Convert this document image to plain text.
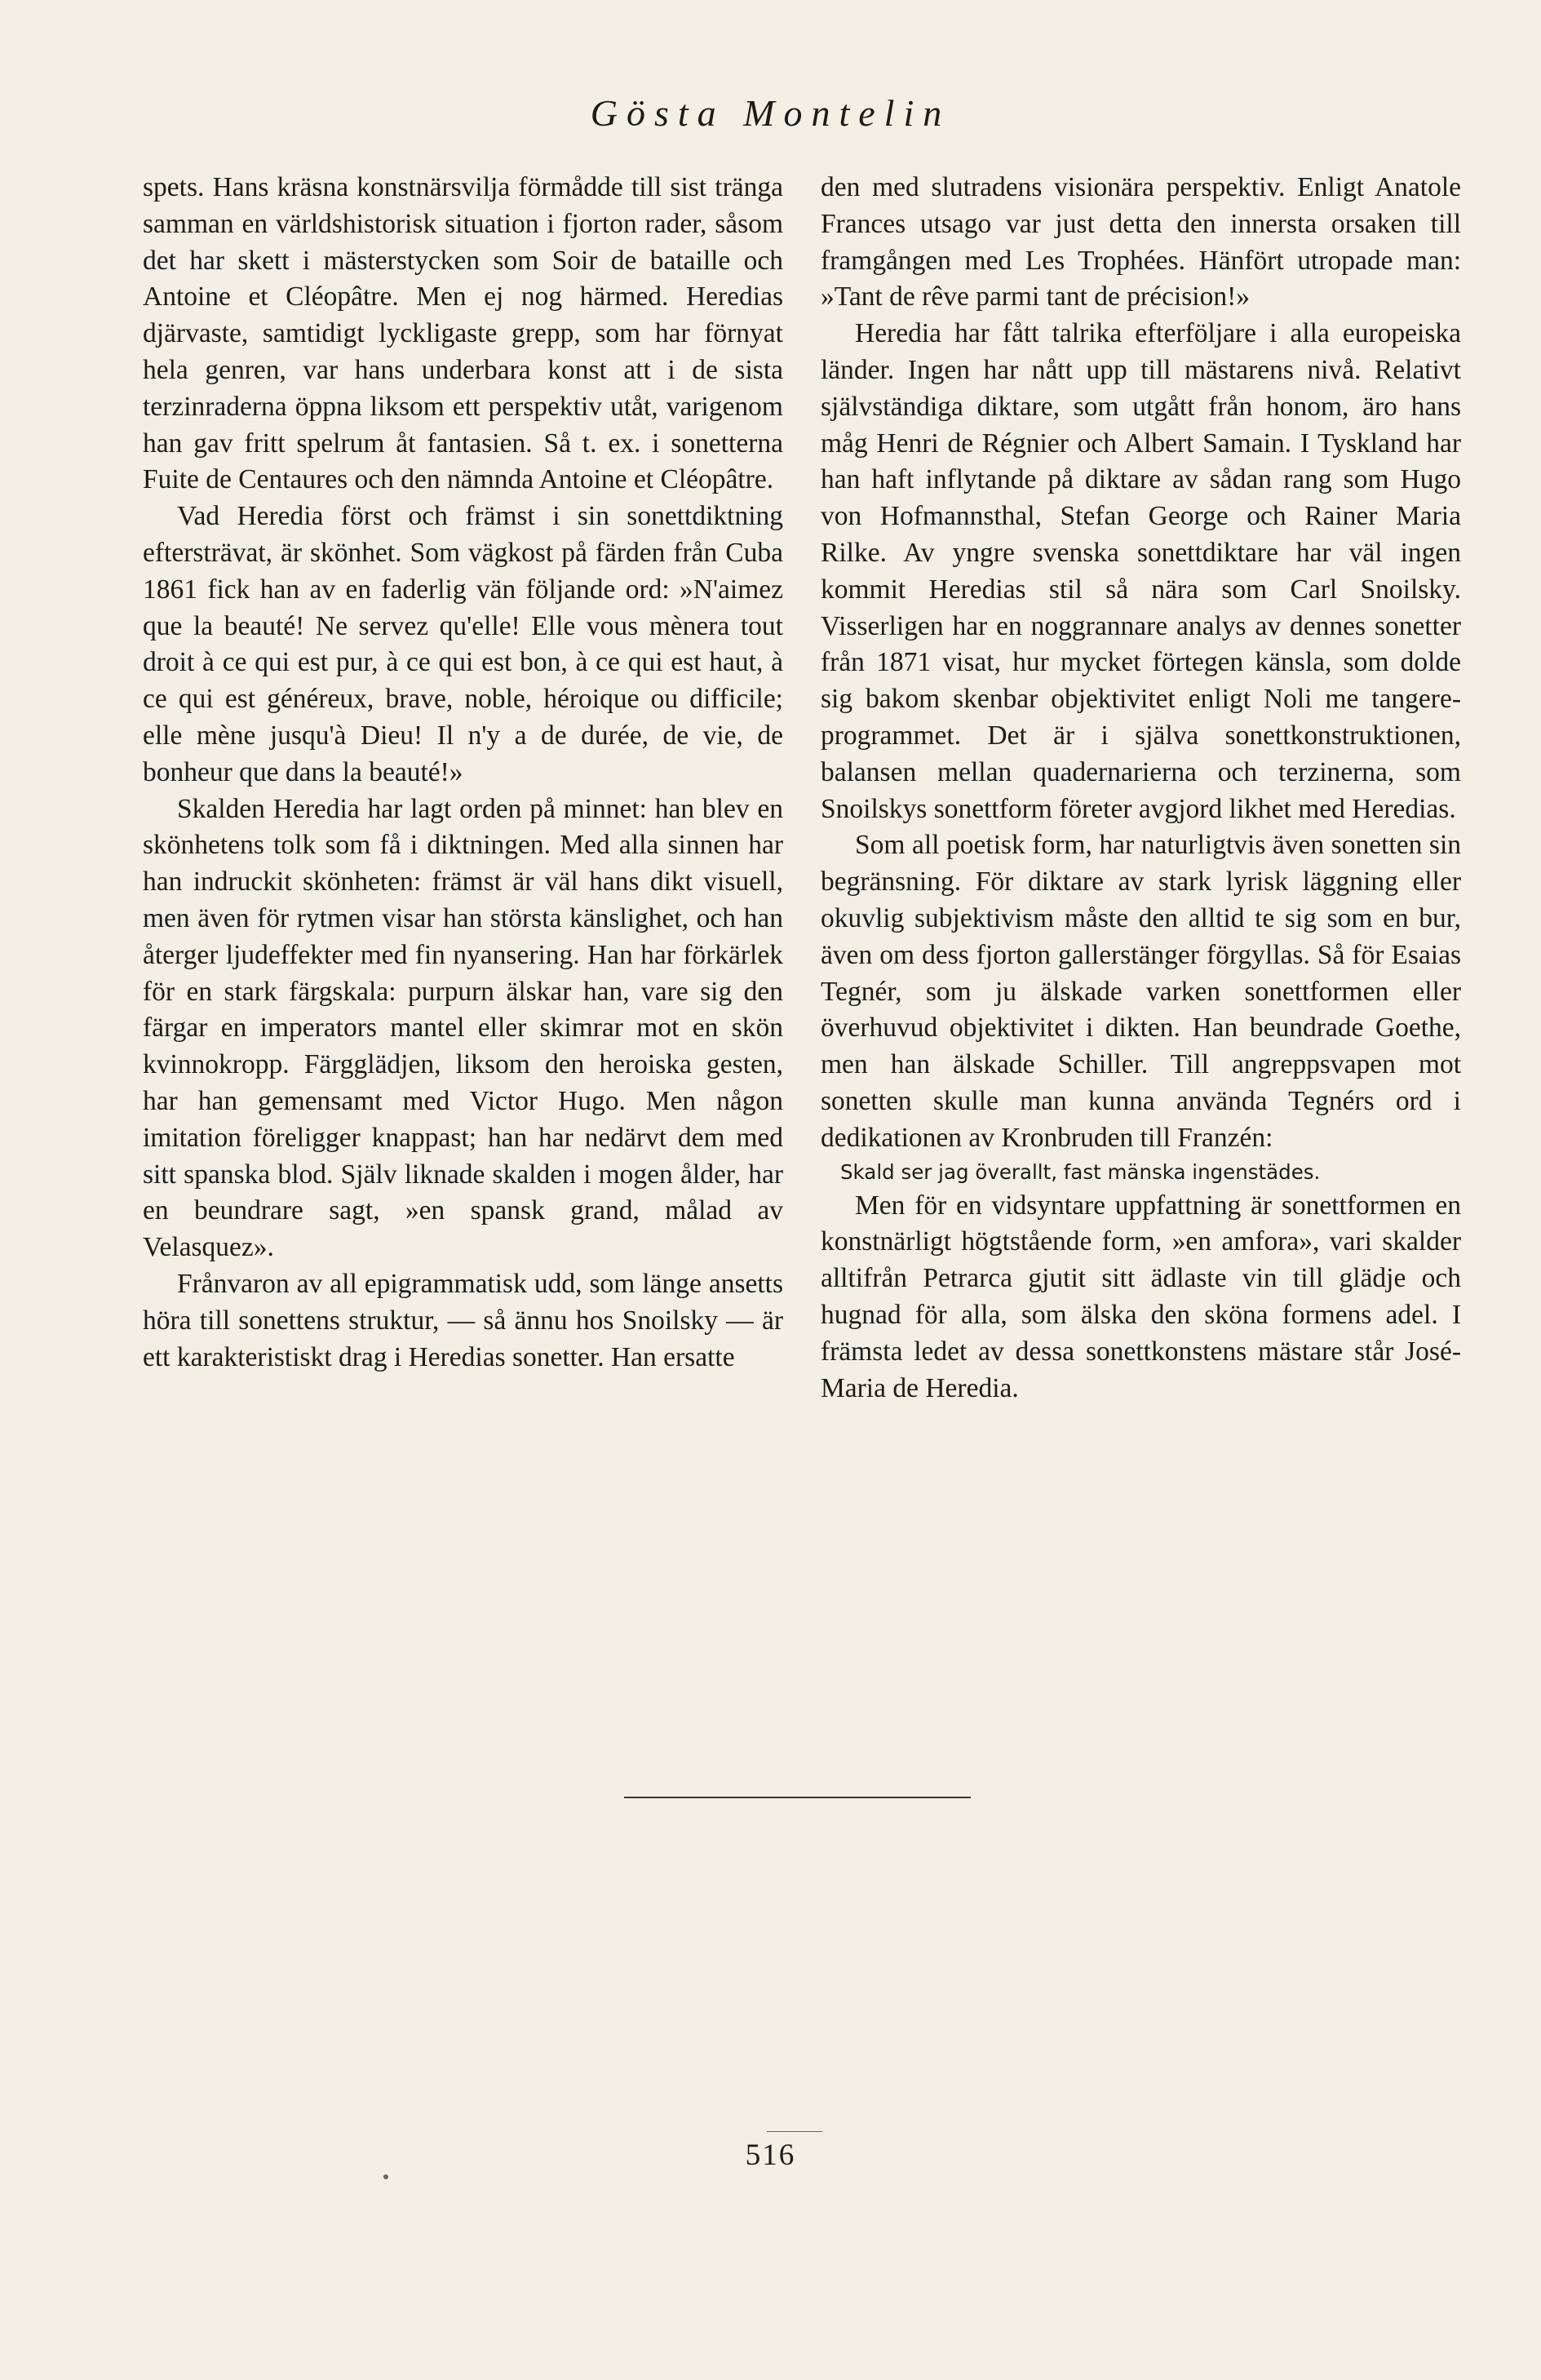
Gösta Montelin

spets. Hans kräsna konstnärsvilja förmådde till sist tränga samman en världshistorisk situation i fjorton rader, såsom det har skett i mästerstycken som Soir de bataille och Antoine et Cléopâtre. Men ej nog härmed. Heredias djärvaste, samtidigt lyckligaste grepp, som har förnyat hela genren, var hans underbara konst att i de sista terzinraderna öppna liksom ett perspektiv utåt, varigenom han gav fritt spelrum åt fantasien. Så t. ex. i sonetterna Fuite de Centaures och den nämnda Antoine et Cléopâtre.

Vad Heredia först och främst i sin sonettdiktning eftersträvat, är skönhet. Som vägkost på färden från Cuba 1861 fick han av en faderlig vän följande ord: »N'aimez que la beauté! Ne servez qu'elle! Elle vous mènera tout droit à ce qui est pur, à ce qui est bon, à ce qui est haut, à ce qui est généreux, brave, noble, héroique ou difficile; elle mène jusqu'à Dieu! Il n'y a de durée, de vie, de bonheur que dans la beauté!»

Skalden Heredia har lagt orden på minnet: han blev en skönhetens tolk som få i diktningen. Med alla sinnen har han indruckit skönheten: främst är väl hans dikt visuell, men även för rytmen visar han största känslighet, och han återger ljudeffekter med fin nyansering. Han har förkärlek för en stark färgskala: purpurn älskar han, vare sig den färgar en imperators mantel eller skimrar mot en skön kvinnokropp. Färgglädjen, liksom den heroiska gesten, har han gemensamt med Victor Hugo. Men någon imitation föreligger knappast; han har nedärvt dem med sitt spanska blod. Själv liknade skalden i mogen ålder, har en beundrare sagt, »en spansk grand, målad av Velasquez».

Frånvaron av all epigrammatisk udd, som länge ansetts höra till sonettens struktur, — så ännu hos Snoilsky — är ett karakteristiskt drag i Heredias sonetter. Han ersatte

den med slutradens visionära perspektiv. Enligt Anatole Frances utsago var just detta den innersta orsaken till framgången med Les Trophées. Hänfört utropade man: »Tant de rêve parmi tant de précision!»

Heredia har fått talrika efterföljare i alla europeiska länder. Ingen har nått upp till mästarens nivå. Relativt självständiga diktare, som utgått från honom, äro hans måg Henri de Régnier och Albert Samain. I Tyskland har han haft inflytande på diktare av sådan rang som Hugo von Hofmannsthal, Stefan George och Rainer Maria Rilke. Av yngre svenska sonettdiktare har väl ingen kommit Heredias stil så nära som Carl Snoilsky. Visserligen har en noggrannare analys av dennes sonetter från 1871 visat, hur mycket förtegen känsla, som dolde sig bakom skenbar objektivitet enligt Noli me tangere-programmet. Det är i själva sonettkonstruktionen, balansen mellan quadernarierna och terzinerna, som Snoilskys sonettform företer avgjord likhet med Heredias.

Som all poetisk form, har naturligtvis även sonetten sin begränsning. För diktare av stark lyrisk läggning eller okuvlig subjektivism måste den alltid te sig som en bur, även om dess fjorton gallerstänger förgyllas. Så för Esaias Tegnér, som ju älskade varken sonettformen eller överhuvud objektivitet i dikten. Han beundrade Goethe, men han älskade Schiller. Till angreppsvapen mot sonetten skulle man kunna använda Tegnérs ord i dedikationen av Kronbruden till Franzén:

Skald ser jag överallt, fast mänska ingenstädes.

Men för en vidsyntare uppfattning är sonettformen en konstnärligt högtstående form, »en amfora», vari skalder alltifrån Petrarca gjutit sitt ädlaste vin till glädje och hugnad för alla, som älska den sköna formens adel. I främsta ledet av dessa sonettkonstens mästare står José-Maria de Heredia.

516
